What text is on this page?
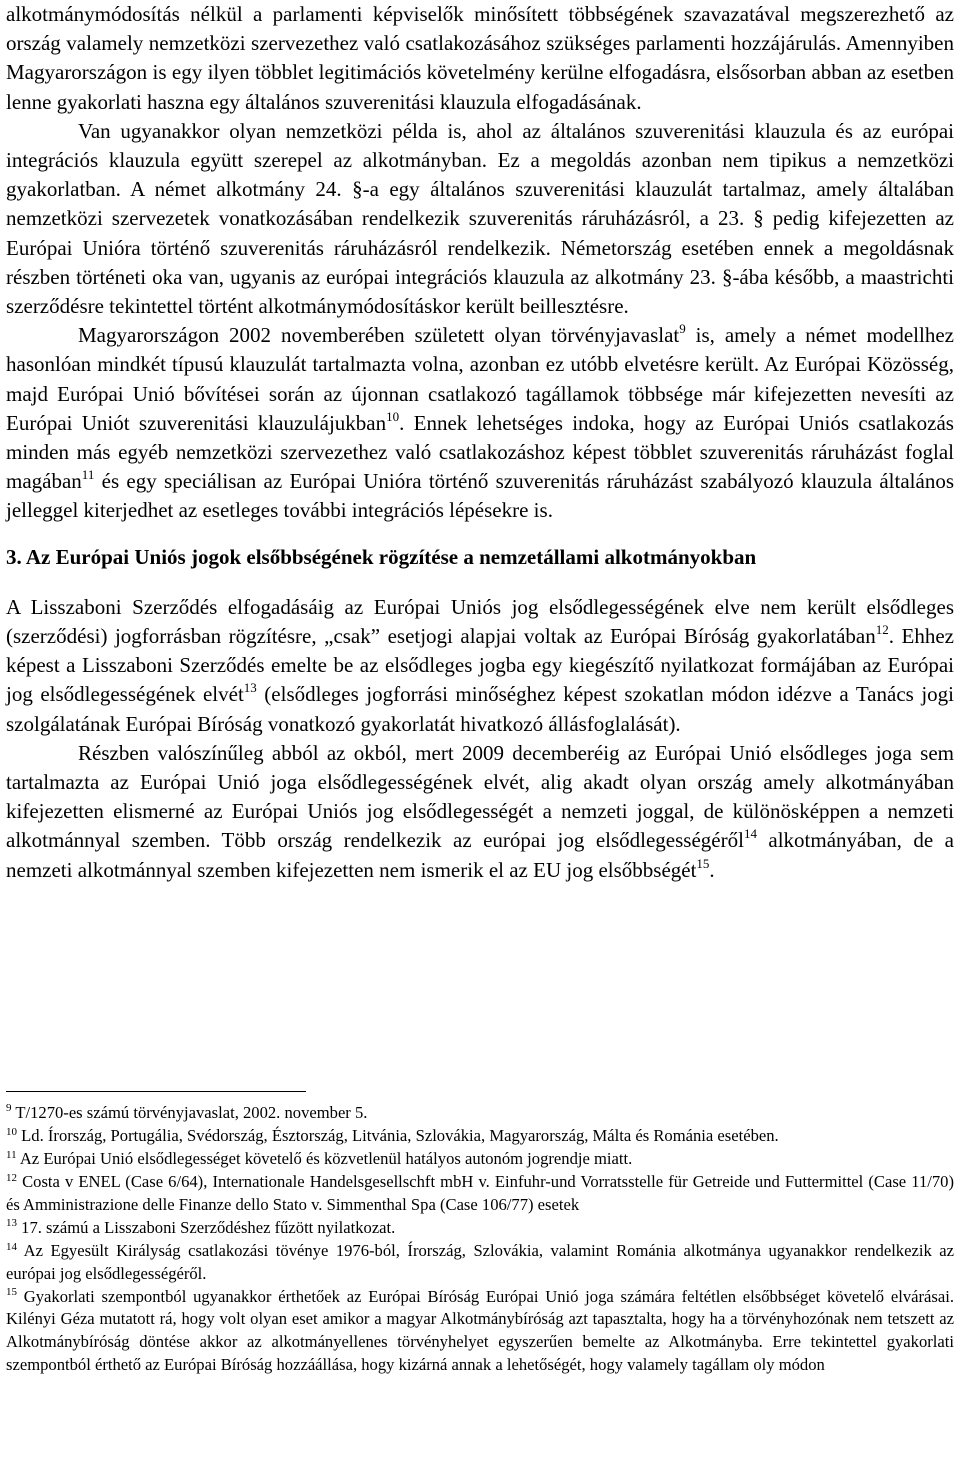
alkotmánymódosítás nélkül a parlamenti képviselők minősített többségének szavazatával megszerezhető az ország valamely nemzetközi szervezethez való csatlakozásához szükséges parlamenti hozzájárulás. Amennyiben Magyarországon is egy ilyen többlet legitimációs követelmény kerülne elfogadásra, elsősorban abban az esetben lenne gyakorlati haszna egy általános szuverenitási klauzula elfogadásának.

Van ugyanakkor olyan nemzetközi példa is, ahol az általános szuverenitási klauzula és az európai integrációs klauzula együtt szerepel az alkotmányban. Ez a megoldás azonban nem tipikus a nemzetközi gyakorlatban. A német alkotmány 24. §-a egy általános szuverenitási klauzulát tartalmaz, amely általában nemzetközi szervezetek vonatkozásában rendelkezik szuverenitás ráruházásról, a 23. § pedig kifejezetten az Európai Unióra történő szuverenitás ráruházásról rendelkezik. Németország esetében ennek a megoldásnak részben történeti oka van, ugyanis az európai integrációs klauzula az alkotmány 23. §-ába később, a maastrichti szerződésre tekintettel történt alkotmánymódosításkor került beillesztésre.

Magyarországon 2002 novemberében született olyan törvényjavaslat$^9$ is, amely a német modellhez hasonlóan mindkét típusú klauzulát tartalmazta volna, azonban ez utóbb elvetésre került. Az Európai Közösség, majd Európai Unió bővítései során az újonnan csatlakozó tagállamok többsége már kifejezetten nevesíti az Európai Uniót szuverenitási klauzulájukban$^{10}$. Ennek lehetséges indoka, hogy az Európai Uniós csatlakozás minden más egyéb nemzetközi szervezethez való csatlakozáshoz képest többlet szuverenitás ráruházást foglal magában$^{11}$ és egy speciálisan az Európai Unióra történő szuverenitás ráruházást szabályozó klauzula általános jelleggel kiterjedhet az esetleges további integrációs lépésekre is.

3. Az Európai Uniós jogok elsőbbségének rögzítése a nemzetállami alkotmányokban

A Lisszaboni Szerződés elfogadásáig az Európai Uniós jog elsődlegességének elve nem került elsődleges (szerződési) jogforrásban rögzítésre, „csak” esetjogi alapjai voltak az Európai Bíróság gyakorlatában$^{12}$. Ehhez képest a Lisszaboni Szerződés emelte be az elsődleges jogba egy kiegészítő nyilatkozat formájában az Európai jog elsődlegességének elvét$^{13}$ (elsődleges jogforrási minőséghez képest szokatlan módon idézve a Tanács jogi szolgálatának Európai Bíróság vonatkozó gyakorlatát hivatkozó állásfoglalását).

Részben valószínűleg abból az okból, mert 2009 decemberéig az Európai Unió elsődleges joga sem tartalmazta az Európai Unió joga elsődlegességének elvét, alig akadt olyan ország amely alkotmányában kifejezetten elismerné az Európai Uniós jog elsődlegességét a nemzeti joggal, de különösképpen a nemzeti alkotmánnyal szemben. Több ország rendelkezik az európai jog elsődlegességéről$^{14}$ alkotmányában, de a nemzeti alkotmánnyal szemben kifejezetten nem ismerik el az EU jog elsőbbségét$^{15}$.

$^9$ T/1270-es számú törvényjavaslat, 2002. november 5.

$^{10}$ Ld. Írország, Portugália, Svédország, Észtország, Litvánia, Szlovákia, Magyarország, Málta és Románia esetében.

$^{11}$ Az Európai Unió elsődlegességet követelő és közvetlenül hatályos autonóm jogrendje miatt.

$^{12}$ Costa v ENEL (Case 6/64), Internationale Handelsgesellschft mbH v. Einfuhr-und Vorratsstelle für Getreide und Futtermittel (Case 11/70) és Amministrazione delle Finanze dello Stato v. Simmenthal Spa (Case 106/77) esetek

$^{13}$ 17. számú a Lisszaboni Szerződéshez fűzött nyilatkozat.

$^{14}$ Az Egyesült Királyság csatlakozási tövénye 1976-ból, Írország, Szlovákia, valamint Románia alkotmánya ugyanakkor rendelkezik az európai jog elsődlegességéről.

$^{15}$ Gyakorlati szempontból ugyanakkor érthetőek az Európai Bíróság Európai Unió joga számára feltétlen elsőbbséget követelő elvárásai. Kilényi Géza mutatott rá, hogy volt olyan eset amikor a magyar Alkotmánybíróság azt tapasztalta, hogy ha a törvényhozónak nem tetszett az Alkotmánybíróság döntése akkor az alkotmányellenes törvényhelyet egyszerűen bemelte az Alkotmányba. Erre tekintettel gyakorlati szempontból érthető az Európai Bíróság hozzáállása, hogy kizárná annak a lehetőségét, hogy valamely tagállam oly módon
